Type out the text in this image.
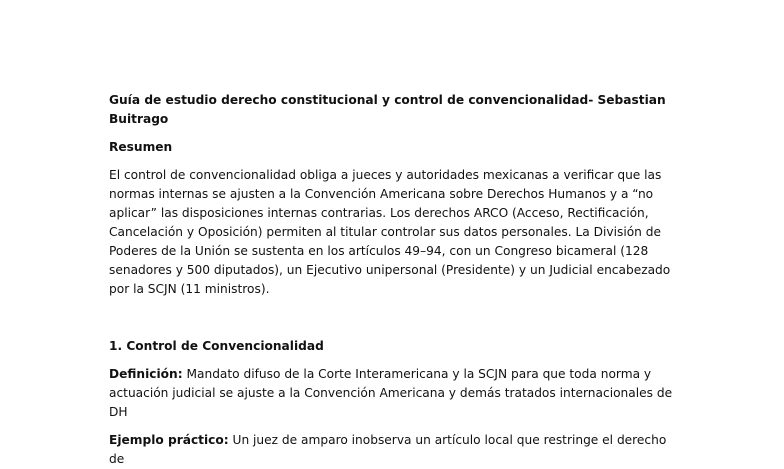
Guía de estudio derecho constitucional y control de convencionalidad- Sebastian Buitrago

Resumen

El control de convencionalidad obliga a jueces y autoridades mexicanas a verificar que las normas internas se ajusten a la Convención Americana sobre Derechos Humanos y a “no aplicar” las disposiciones internas contrarias. Los derechos ARCO (Acceso, Rectificación, Cancelación y Oposición) permiten al titular controlar sus datos personales. La División de Poderes de la Unión se sustenta en los artículos 49–94, con un Congreso bicameral (128 senadores y 500 diputados), un Ejecutivo unipersonal (Presidente) y un Judicial encabezado por la SCJN (11 ministros).

1. Control de Convencionalidad

Definición: Mandato difuso de la Corte Interamericana y la SCJN para que toda norma y actuación judicial se ajuste a la Convención Americana y demás tratados internacionales de DH

Ejemplo práctico: Un juez de amparo inobserva un artículo local que restringe el derecho de
